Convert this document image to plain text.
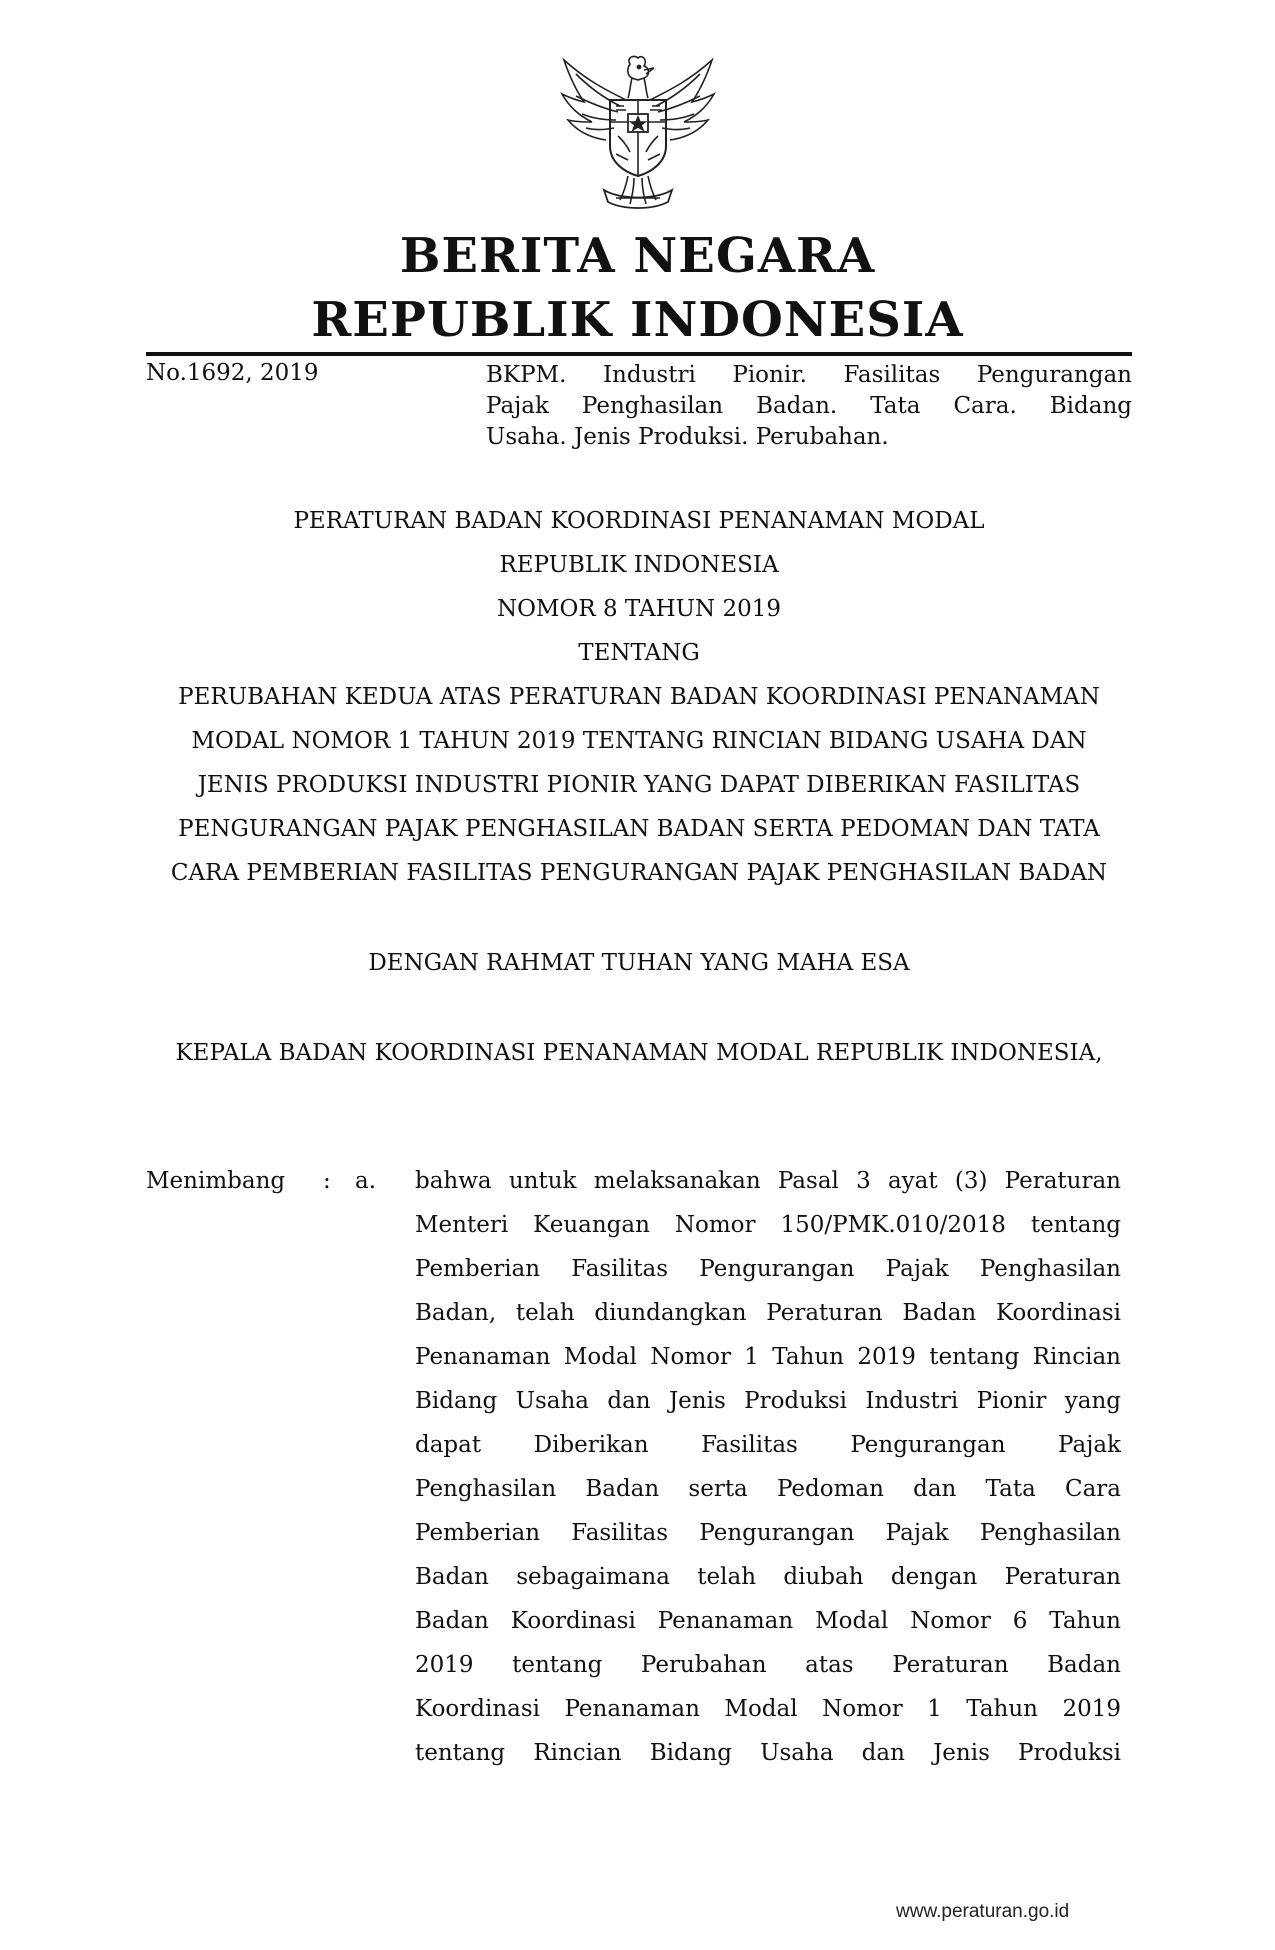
BERITA NEGARA
REPUBLIK INDONESIA
No.1692, 2019	BKPM. Industri Pionir. Fasilitas Pengurangan
Pajak Penghasilan Badan. Tata Cara. Bidang
Usaha. Jenis Produksi. Perubahan.
PERATURAN BADAN KOORDINASI PENANAMAN MODAL
REPUBLIK INDONESIA
NOMOR 8 TAHUN 2019
TENTANG
PERUBAHAN KEDUA ATAS PERATURAN BADAN KOORDINASI PENANAMAN
MODAL NOMOR 1 TAHUN 2019 TENTANG RINCIAN BIDANG USAHA DAN
JENIS PRODUKSI INDUSTRI PIONIR YANG DAPAT DIBERIKAN FASILITAS
PENGURANGAN PAJAK PENGHASILAN BADAN SERTA PEDOMAN DAN TATA
CARA PEMBERIAN FASILITAS PENGURANGAN PAJAK PENGHASILAN BADAN
DENGAN RAHMAT TUHAN YANG MAHA ESA
KEPALA BADAN KOORDINASI PENANAMAN MODAL REPUBLIK INDONESIA,
Menimbang : a. bahwa untuk melaksanakan Pasal 3 ayat (3) Peraturan
Menteri Keuangan Nomor 150/PMK.010/2018 tentang
Pemberian Fasilitas Pengurangan Pajak Penghasilan
Badan, telah diundangkan Peraturan Badan Koordinasi
Penanaman Modal Nomor 1 Tahun 2019 tentang Rincian
Bidang Usaha dan Jenis Produksi Industri Pionir yang
dapat Diberikan Fasilitas Pengurangan Pajak
Penghasilan Badan serta Pedoman dan Tata Cara
Pemberian Fasilitas Pengurangan Pajak Penghasilan
Badan sebagaimana telah diubah dengan Peraturan
Badan Koordinasi Penanaman Modal Nomor 6 Tahun
2019 tentang Perubahan atas Peraturan Badan
Koordinasi Penanaman Modal Nomor 1 Tahun 2019
tentang Rincian Bidang Usaha dan Jenis Produksi
www.peraturan.go.id
